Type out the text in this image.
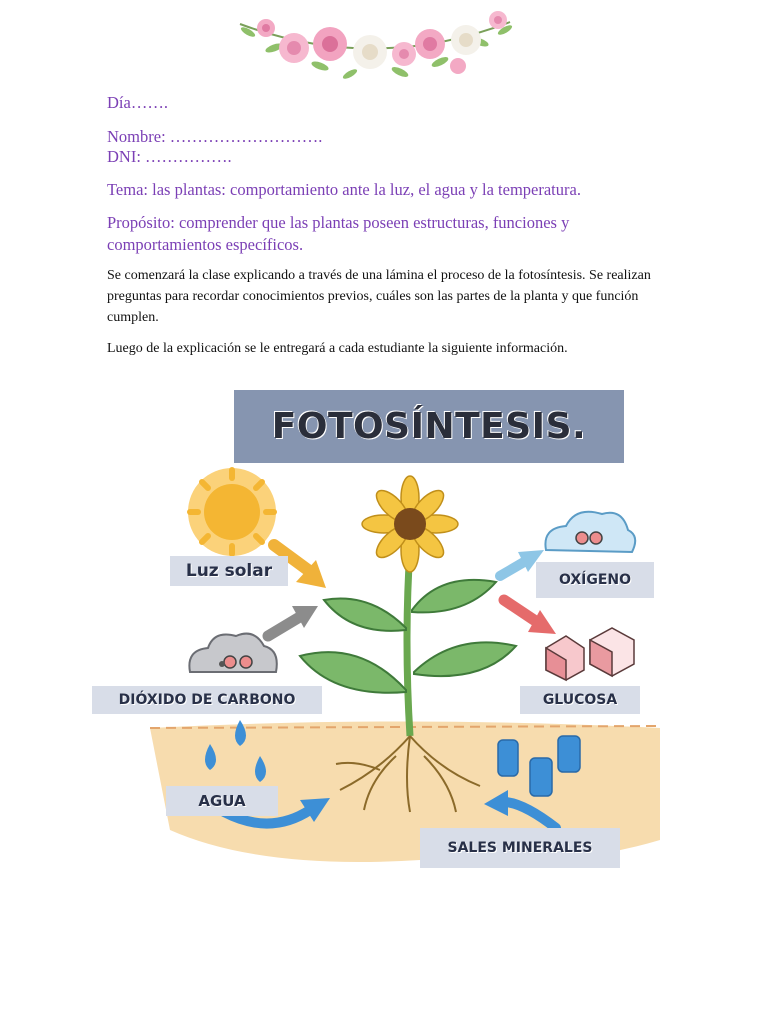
Día…….
Nombre: ……………………….
DNI: …………….
Tema: las plantas: comportamiento ante la luz, el agua y la temperatura.
Propósito: comprender que las plantas poseen estructuras, funciones y
comportamientos específicos.
Se comenzará la clase explicando a través de una lámina el proceso de la fotosíntesis. Se realizan preguntas para recordar conocimientos previos, cuáles son las partes de la planta y que función cumplen.
Luego de la explicación se le entregará a cada estudiante la siguiente información.
FOTOSÍNTESIS.
Luz solar	OXÍGENO
DIÓXIDO DE CARBONO	GLUCOSA
AGUA
SALES MINERALES
